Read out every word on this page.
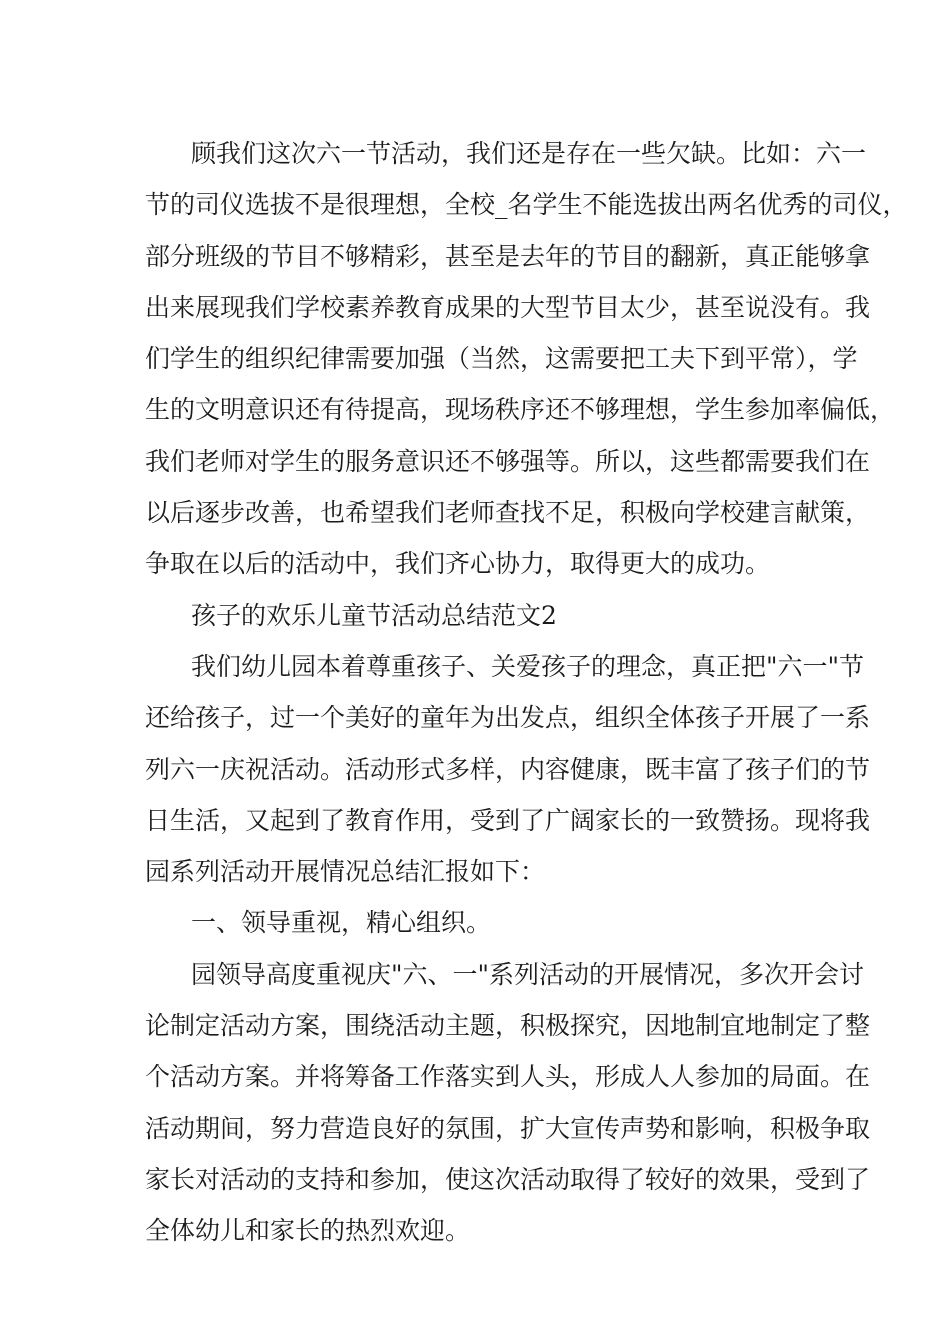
顾我们这次六一节活动，我们还是存在一些欠缺。比如：六一
节的司仪选拔不是很理想，全校_名学生不能选拔出两名优秀的司仪，
部分班级的节目不够精彩，甚至是去年的节目的翻新，真正能够拿
出来展现我们学校素养教育成果的大型节目太少，甚至说没有。我
们学生的组织纪律需要加强（当然，这需要把工夫下到平常），学
生的文明意识还有待提高，现场秩序还不够理想，学生参加率偏低，
我们老师对学生的服务意识还不够强等。所以，这些都需要我们在
以后逐步改善，也希望我们老师查找不足，积极向学校建言献策，
争取在以后的活动中，我们齐心协力，取得更大的成功。
孩子的欢乐儿童节活动总结范文2
我们幼儿园本着尊重孩子、关爱孩子的理念，真正把"六一"节
还给孩子，过一个美好的童年为出发点，组织全体孩子开展了一系
列六一庆祝活动。活动形式多样，内容健康，既丰富了孩子们的节
日生活，又起到了教育作用，受到了广阔家长的一致赞扬。现将我
园系列活动开展情况总结汇报如下：
一、领导重视，精心组织。
园领导高度重视庆"六、一"系列活动的开展情况，多次开会讨
论制定活动方案，围绕活动主题，积极探究，因地制宜地制定了整
个活动方案。并将筹备工作落实到人头，形成人人参加的局面。在
活动期间，努力营造良好的氛围，扩大宣传声势和影响，积极争取
家长对活动的支持和参加，使这次活动取得了较好的效果，受到了
全体幼儿和家长的热烈欢迎。
